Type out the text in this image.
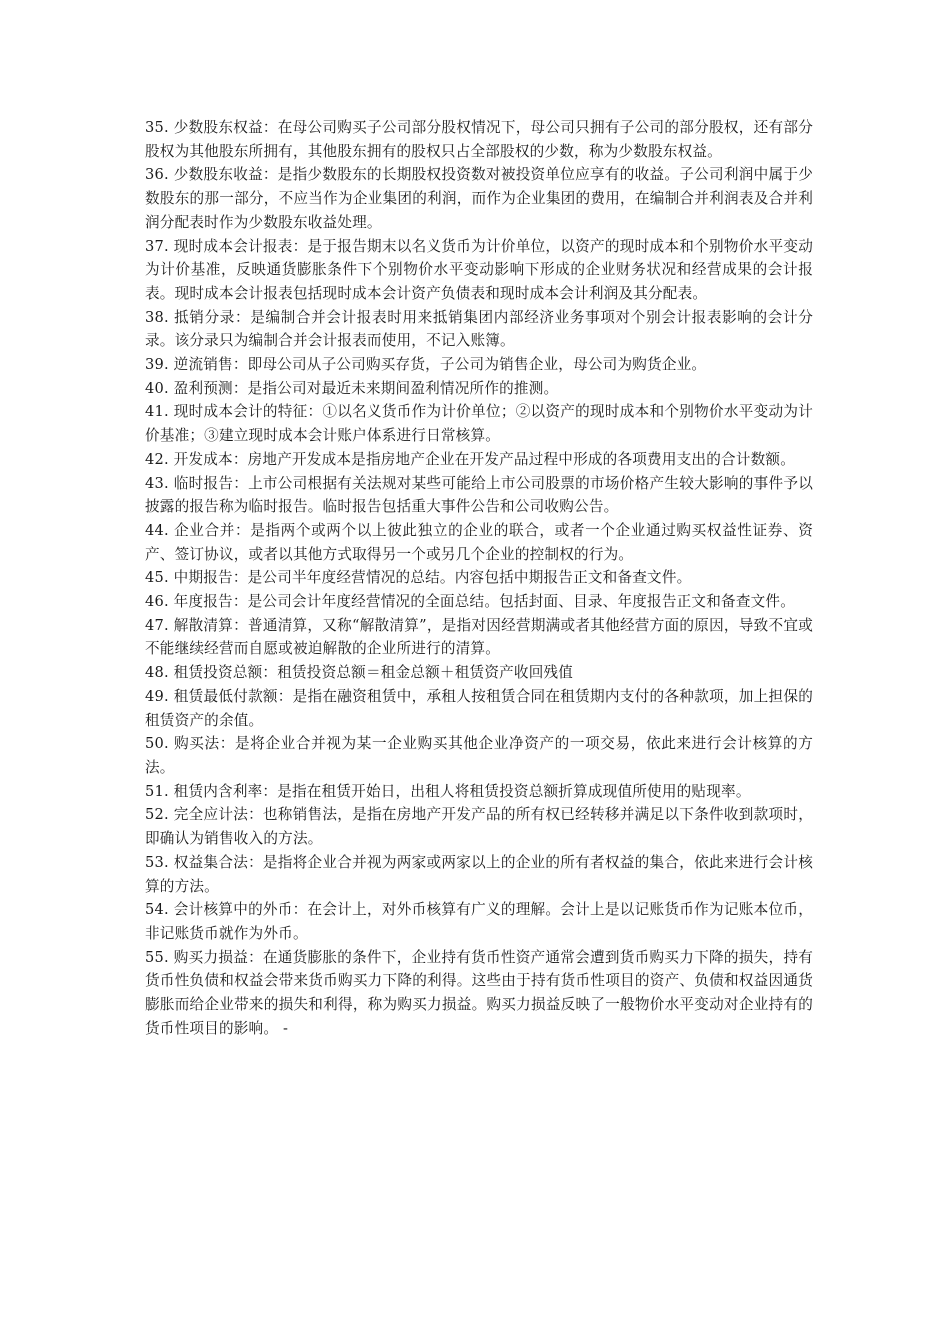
35. 少数股东权益：在母公司购买子公司部分股权情况下，母公司只拥有子公司的部分股权，还有部分股权为其他股东所拥有，其他股东拥有的股权只占全部股权的少数，称为少数股东权益。

36. 少数股东收益：是指少数股东的长期股权投资数对被投资单位应享有的收益。子公司利润中属于少数股东的那一部分，不应当作为企业集团的利润，而作为企业集团的费用，在编制合并利润表及合并利润分配表时作为少数股东收益处理。

37. 现时成本会计报表：是于报告期末以名义货币为计价单位，以资产的现时成本和个别物价水平变动为计价基准，反映通货膨胀条件下个别物价水平变动影响下形成的企业财务状况和经营成果的会计报表。现时成本会计报表包括现时成本会计资产负债表和现时成本会计利润及其分配表。

38. 抵销分录：是编制合并会计报表时用来抵销集团内部经济业务事项对个别会计报表影响的会计分录。该分录只为编制合并会计报表而使用，不记入账簿。

39. 逆流销售：即母公司从子公司购买存货，子公司为销售企业，母公司为购货企业。

40. 盈利预测：是指公司对最近未来期间盈利情况所作的推测。

41. 现时成本会计的特征：①以名义货币作为计价单位；②以资产的现时成本和个别物价水平变动为计价基准；③建立现时成本会计账户体系进行日常核算。

42. 开发成本：房地产开发成本是指房地产企业在开发产品过程中形成的各项费用支出的合计数额。

43. 临时报告：上市公司根据有关法规对某些可能给上市公司股票的市场价格产生较大影响的事件予以披露的报告称为临时报告。临时报告包括重大事件公告和公司收购公告。

44. 企业合并：是指两个或两个以上彼此独立的企业的联合，或者一个企业通过购买权益性证券、资产、签订协议，或者以其他方式取得另一个或另几个企业的控制权的行为。

45. 中期报告：是公司半年度经营情况的总结。内容包括中期报告正文和备查文件。

46. 年度报告：是公司会计年度经营情况的全面总结。包括封面、目录、年度报告正文和备查文件。

47. 解散清算：普通清算，又称“解散清算”，是指对因经营期满或者其他经营方面的原因，导致不宜或不能继续经营而自愿或被迫解散的企业所进行的清算。

48. 租赁投资总额：租赁投资总额＝租金总额＋租赁资产收回残值

49. 租赁最低付款额：是指在融资租赁中，承租人按租赁合同在租赁期内支付的各种款项，加上担保的租赁资产的余值。

50. 购买法：是将企业合并视为某一企业购买其他企业净资产的一项交易，依此来进行会计核算的方法。

51. 租赁内含利率：是指在租赁开始日，出租人将租赁投资总额折算成现值所使用的贴现率。

52. 完全应计法：也称销售法，是指在房地产开发产品的所有权已经转移并满足以下条件收到款项时，即确认为销售收入的方法。

53. 权益集合法：是指将企业合并视为两家或两家以上的企业的所有者权益的集合，依此来进行会计核算的方法。

54. 会计核算中的外币：在会计上，对外币核算有广义的理解。会计上是以记账货币作为记账本位币，非记账货币就作为外币。

55. 购买力损益：在通货膨胀的条件下，企业持有货币性资产通常会遭到货币购买力下降的损失，持有货币性负债和权益会带来货币购买力下降的利得。这些由于持有货币性项目的资产、负债和权益因通货膨胀而给企业带来的损失和利得，称为购买力损益。购买力损益反映了一般物价水平变动对企业持有的货币性项目的影响。 -
